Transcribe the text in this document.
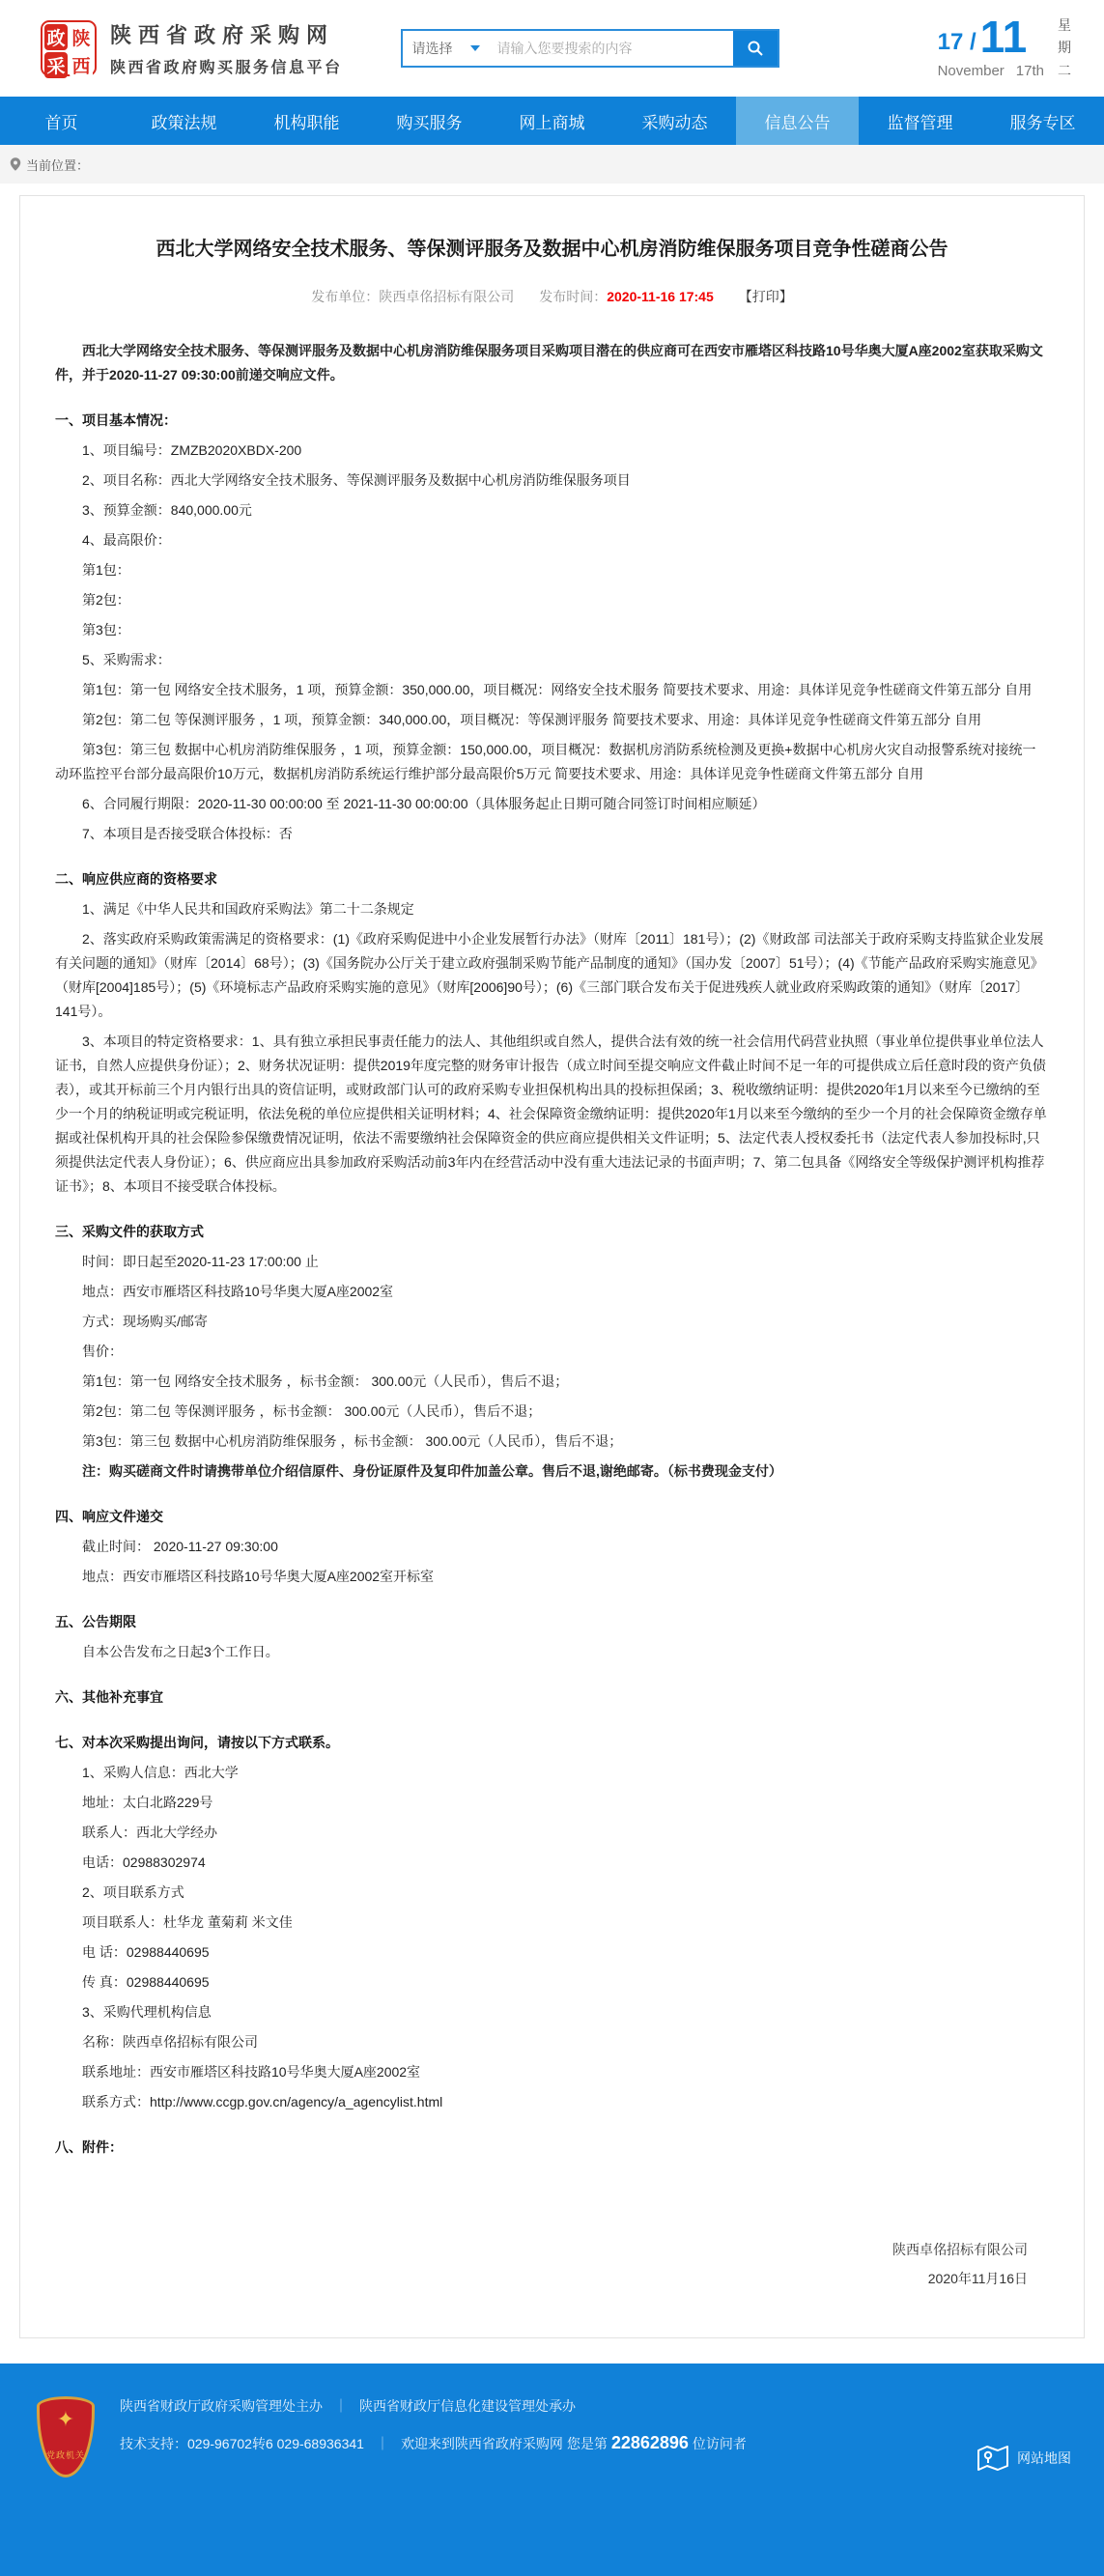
政 陕
采 西
陕西省政府采购网
陕西省政府购买服务信息平台
请选择
请输入您要搜索的内容	17 / 11
November 17th
星
期
二
首页	政策法规	机构职能	购买服务	网上商城	采购动态	信息公告	监督管理	服务专区
当前位置：
西北大学网络安全技术服务、等保测评服务及数据中心机房消防维保服务项目竞争性磋商公告
发布单位：陕西卓佲招标有限公司 发布时间：2020-11-16 17:45 【打印】
西北大学网络安全技术服务、等保测评服务及数据中心机房消防维保服务项目采购项目潜在的供应商可在西安市雁塔区科技路10号华奥大厦A座2002室获取采购文件，并于2020-11-27 09:30:00前递交响应文件。
一、项目基本情况：
1、项目编号：ZMZB2020XBDX-200
2、项目名称：西北大学网络安全技术服务、等保测评服务及数据中心机房消防维保服务项目
3、预算金额：840,000.00元
4、最高限价：
第1包：
第2包：
第3包：
5、采购需求：
第1包：第一包 网络安全技术服务，1 项，预算金额：350,000.00，项目概况：网络安全技术服务 简要技术要求、用途：具体详见竞争性磋商文件第五部分 自用
第2包：第二包 等保测评服务 ，1 项，预算金额：340,000.00，项目概况：等保测评服务 简要技术要求、用途：具体详见竞争性磋商文件第五部分 自用
第3包：第三包 数据中心机房消防维保服务 ，1 项，预算金额：150,000.00，项目概况：数据机房消防系统检测及更换+数据中心机房火灾自动报警系统对接统一动环监控平台部分最高限价10万元，数据机房消防系统运行维护部分最高限价5万元 简要技术要求、用途：具体详见竞争性磋商文件第五部分 自用
6、合同履行期限：2020-11-30 00:00:00 至 2021-11-30 00:00:00（具体服务起止日期可随合同签订时间相应顺延）
7、本项目是否接受联合体投标：否
二、响应供应商的资格要求
1、满足《中华人民共和国政府采购法》第二十二条规定
2、落实政府采购政策需满足的资格要求：(1)《政府采购促进中小企业发展暂行办法》（财库〔2011〕181号）；(2)《财政部 司法部关于政府采购支持监狱企业发展有关问题的通知》（财库〔2014〕68号）；(3)《国务院办公厅关于建立政府强制采购节能产品制度的通知》（国办发〔2007〕51号）；(4)《节能产品政府采购实施意见》（财库[2004]185号）；(5)《环境标志产品政府采购实施的意见》（财库[2006]90号）；(6)《三部门联合发布关于促进残疾人就业政府采购政策的通知》（财库〔2017〕141号）。
3、本项目的特定资格要求：1、具有独立承担民事责任能力的法人、其他组织或自然人，提供合法有效的统一社会信用代码营业执照（事业单位提供事业单位法人证书，自然人应提供身份证）；2、财务状况证明：提供2019年度完整的财务审计报告（成立时间至提交响应文件截止时间不足一年的可提供成立后任意时段的资产负债表），或其开标前三个月内银行出具的资信证明，或财政部门认可的政府采购专业担保机构出具的投标担保函；3、税收缴纳证明：提供2020年1月以来至今已缴纳的至少一个月的纳税证明或完税证明，依法免税的单位应提供相关证明材料；4、社会保障资金缴纳证明：提供2020年1月以来至今缴纳的至少一个月的社会保障资金缴存单据或社保机构开具的社会保险参保缴费情况证明，依法不需要缴纳社会保障资金的供应商应提供相关文件证明；5、法定代表人授权委托书（法定代表人参加投标时,只须提供法定代表人身份证）；6、供应商应出具参加政府采购活动前3年内在经营活动中没有重大违法记录的书面声明；7、第二包具备《网络安全等级保护测评机构推荐证书》；8、本项目不接受联合体投标。
三、采购文件的获取方式
时间：即日起至2020-11-23 17:00:00 止
地点：西安市雁塔区科技路10号华奥大厦A座2002室
方式：现场购买/邮寄
售价：
第1包：第一包 网络安全技术服务 ，标书金额： 300.00元（人民币），售后不退；
第2包：第二包 等保测评服务 ，标书金额： 300.00元（人民币），售后不退；
第3包：第三包 数据中心机房消防维保服务 ，标书金额： 300.00元（人民币），售后不退；
注：购买磋商文件时请携带单位介绍信原件、身份证原件及复印件加盖公章。售后不退,谢绝邮寄。（标书费现金支付）
四、响应文件递交
截止时间： 2020-11-27 09:30:00
地点：西安市雁塔区科技路10号华奥大厦A座2002室开标室
五、公告期限
自本公告发布之日起3个工作日。
六、其他补充事宜
七、对本次采购提出询问，请按以下方式联系。
1、采购人信息：西北大学
地址：太白北路229号
联系人：西北大学经办
电话：02988302974
2、项目联系方式
项目联系人：杜华龙 董菊莉 米文佳
电 话：02988440695
传 真：02988440695
3、采购代理机构信息
名称：陕西卓佲招标有限公司
联系地址：西安市雁塔区科技路10号华奥大厦A座2002室
联系方式：http://www.ccgp.gov.cn/agency/a_agencylist.html
八、附件：
陕西卓佲招标有限公司
2020年11月16日
✦
党政机关
陕西省财政厅政府采购管理处主办 ｜ 陕西省财政厅信息化建设管理处承办
技术支持：029-96702转6 029-68936341 ｜ 欢迎来到陕西省政府采购网 您是第 22862896 位访问者
网站地图
